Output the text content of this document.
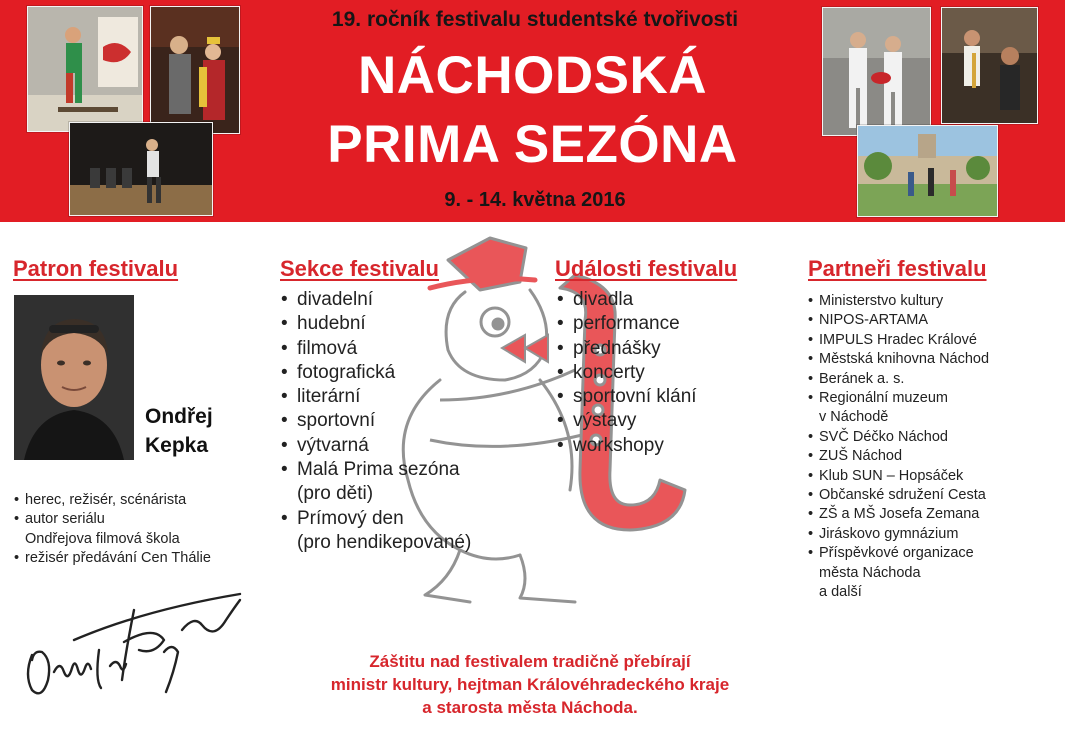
19. ročník festivalu studentské tvořivosti
NÁCHODSKÁ
PRIMA SEZÓNA
9. - 14. května 2016
Patron festivalu
Ondřej
Kepka
• herec, režisér, scénárista
• autor seriálu
Ondřejova filmová škola
• režisér předávání Cen Thálie
Sekce festivalu
• divadelní
• hudební
• filmová
• fotografická
• literární
• sportovní
• výtvarná
• Malá Prima sezóna
(pro děti)
• Prímový den
(pro hendikepované)
Události festivalu
• divadla
• performance
• přednášky
• koncerty
• sportovní klání
• výstavy
• workshopy
Partneři festivalu
• Ministerstvo kultury
• NIPOS-ARTAMA
• IMPULS Hradec Králové
• Městská knihovna Náchod
• Beránek a. s.
• Regionální muzeum
v Náchodě
• SVČ Déčko Náchod
• ZUŠ Náchod
• Klub SUN – Hopsáček
• Občanské sdružení Cesta
• ZŠ a MŠ Josefa Zemana
• Jiráskovo gymnázium
• Příspěvkové organizace
města Náchoda
a další
Záštitu nad festivalem tradičně přebírají
ministr kultury, hejtman Královéhradeckého kraje
a starosta města Náchoda.
